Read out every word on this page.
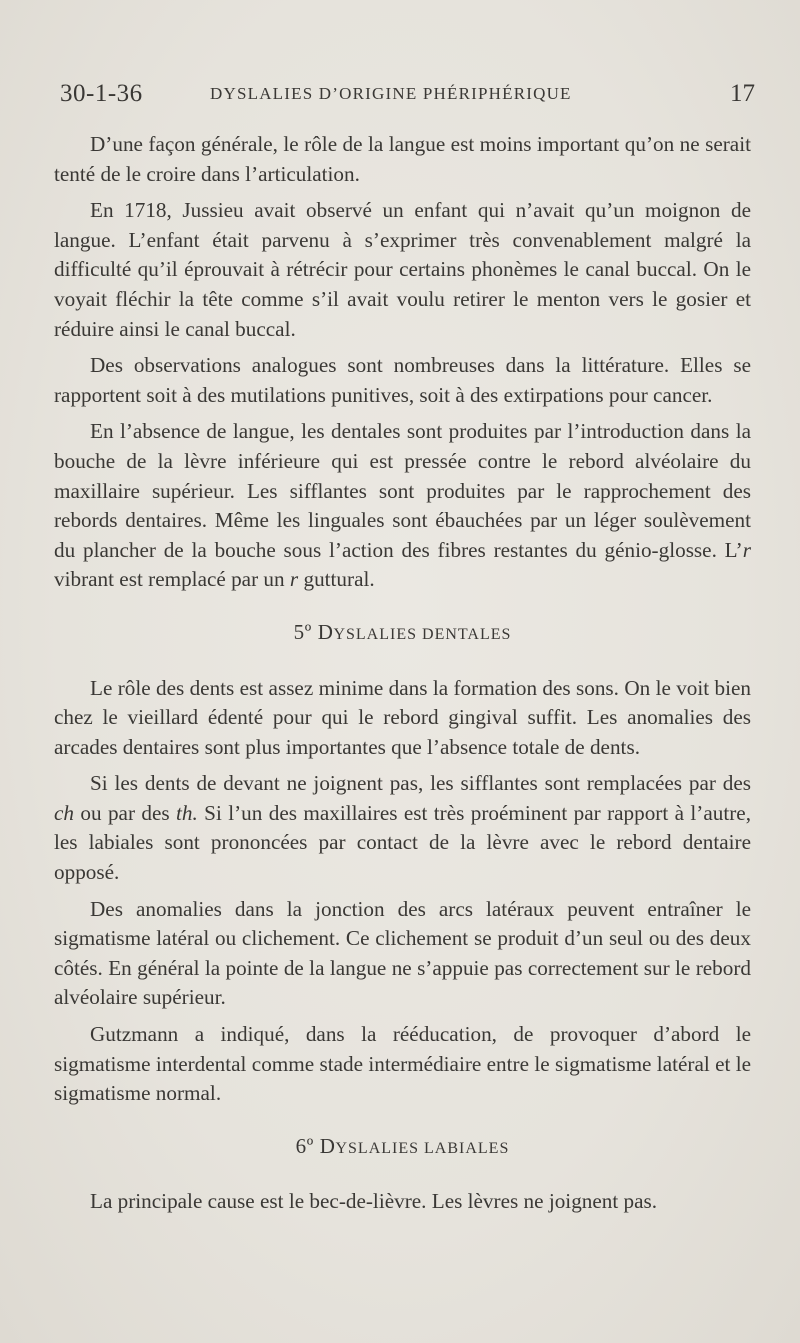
30-1-36	DYSLALIES D’ORIGINE PHÉRIPHÉRIQUE	17

D’une façon générale, le rôle de la langue est moins important qu’on ne serait tenté de le croire dans l’articulation.

En 1718, Jussieu avait observé un enfant qui n’avait qu’un moignon de langue. L’enfant était parvenu à s’exprimer très convenablement malgré la difficulté qu’il éprouvait à rétrécir pour certains phonèmes le canal buccal. On le voyait fléchir la tête comme s’il avait voulu retirer le menton vers le gosier et réduire ainsi le canal buccal.

Des observations analogues sont nombreuses dans la littérature. Elles se rapportent soit à des mutilations punitives, soit à des extirpations pour cancer.

En l’absence de langue, les dentales sont produites par l’introduction dans la bouche de la lèvre inférieure qui est pressée contre le rebord alvéolaire du maxillaire supérieur. Les sifflantes sont produites par le rapprochement des rebords dentaires. Même les linguales sont ébauchées par un léger soulèvement du plancher de la bouche sous l’action des fibres restantes du génio-glosse. L’r vibrant est remplacé par un r guttural.

5º DYSLALIES DENTALES

Le rôle des dents est assez minime dans la formation des sons. On le voit bien chez le vieillard édenté pour qui le rebord gingival suffit. Les anomalies des arcades dentaires sont plus importantes que l’absence totale de dents.

Si les dents de devant ne joignent pas, les sifflantes sont remplacées par des ch ou par des th. Si l’un des maxillaires est très proéminent par rapport à l’autre, les labiales sont prononcées par contact de la lèvre avec le rebord dentaire opposé.

Des anomalies dans la jonction des arcs latéraux peuvent entraîner le sigmatisme latéral ou clichement. Ce clichement se produit d’un seul ou des deux côtés. En général la pointe de la langue ne s’appuie pas correctement sur le rebord alvéolaire supérieur.

Gutzmann a indiqué, dans la rééducation, de provoquer d’abord le sigmatisme interdental comme stade intermédiaire entre le sigmatisme latéral et le sigmatisme normal.

6º DYSLALIES LABIALES

La principale cause est le bec-de-lièvre. Les lèvres ne joignent pas.
